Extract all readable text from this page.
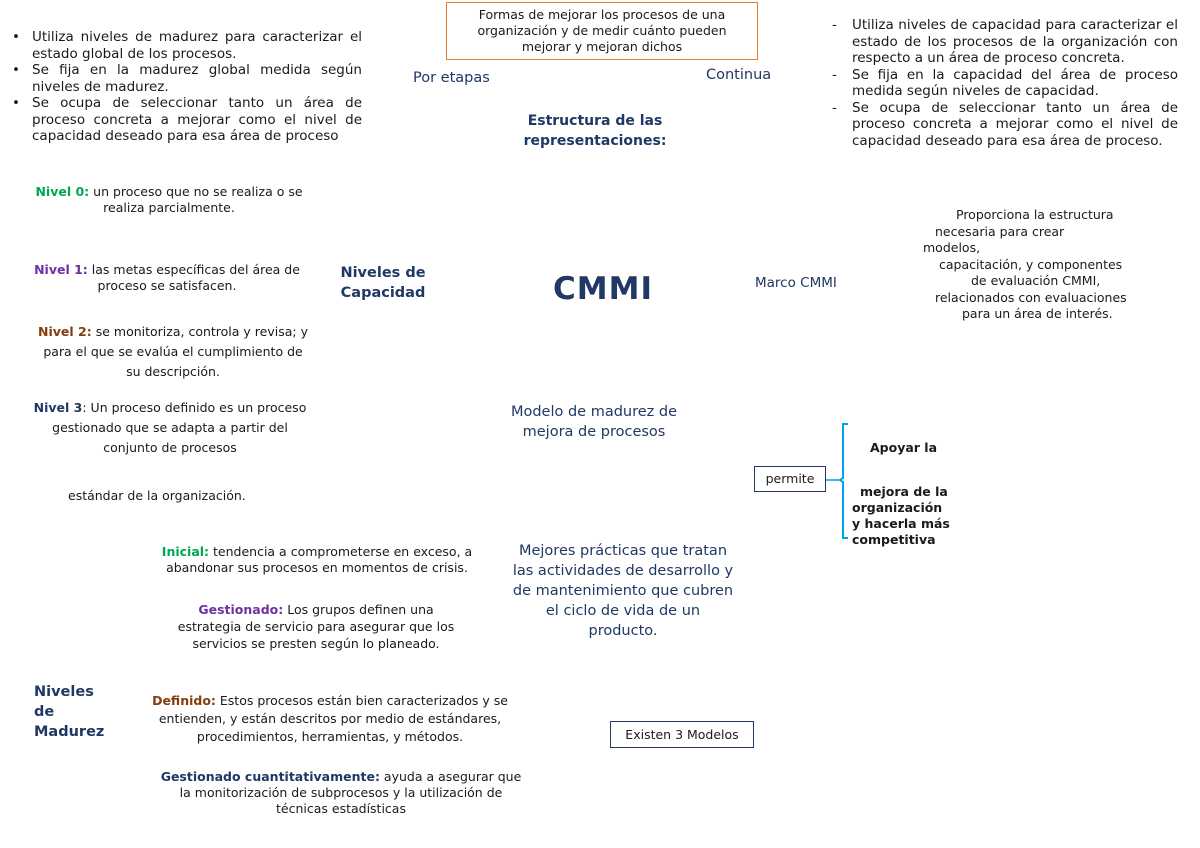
Formas de mejorar los procesos de una organización y de medir cuánto pueden mejorar y mejoran dichos
• Utiliza niveles de madurez para caracterizar el estado global de los procesos.
• Se fija en la madurez global medida según niveles de madurez.
• Se ocupa de seleccionar tanto un área de proceso concreta a mejorar como el nivel de capacidad deseado para esa área de proceso
- Utiliza niveles de capacidad para caracterizar el estado de los procesos de la organización con respecto a un área de proceso concreta.
- Se fija en la capacidad del área de proceso medida según niveles de capacidad.
- Se ocupa de seleccionar tanto un área de proceso concreta a mejorar como el nivel de capacidad deseado para esa área de proceso.
Por etapas	Continua
Estructura de las representaciones:
CMMI
Niveles de Capacidad
Marco CMMI
Proporciona la estructura
necesaria para crear
modelos,
capacitación, y componentes
de evaluación CMMI,
relacionados con evaluaciones
para un área de interés.
Nivel 0: un proceso que no se realiza o se realiza parcialmente.
Nivel 1: las metas específicas del área de proceso se satisfacen.
Nivel 2: se monitoriza, controla y revisa; y para el que se evalúa el cumplimiento de su descripción.
Nivel 3: Un proceso definido es un proceso gestionado que se adapta a partir del conjunto de procesos
estándar de la organización.
Modelo de madurez de mejora de procesos
permite
Apoyar la
mejora de la
organización
y hacerla más
competitiva
Mejores prácticas que tratan las actividades de desarrollo y de mantenimiento que cubren el ciclo de vida de un producto.
Inicial: tendencia a comprometerse en exceso, a abandonar sus procesos en momentos de crisis.
Gestionado: Los grupos definen una estrategia de servicio para asegurar que los servicios se presten según lo planeado.
Definido: Estos procesos están bien caracterizados y se entienden, y están descritos por medio de estándares, procedimientos, herramientas, y métodos.
Gestionado cuantitativamente: ayuda a asegurar que la monitorización de subprocesos y la utilización de técnicas estadísticas
Niveles
de
Madurez	Existen 3 Modelos
